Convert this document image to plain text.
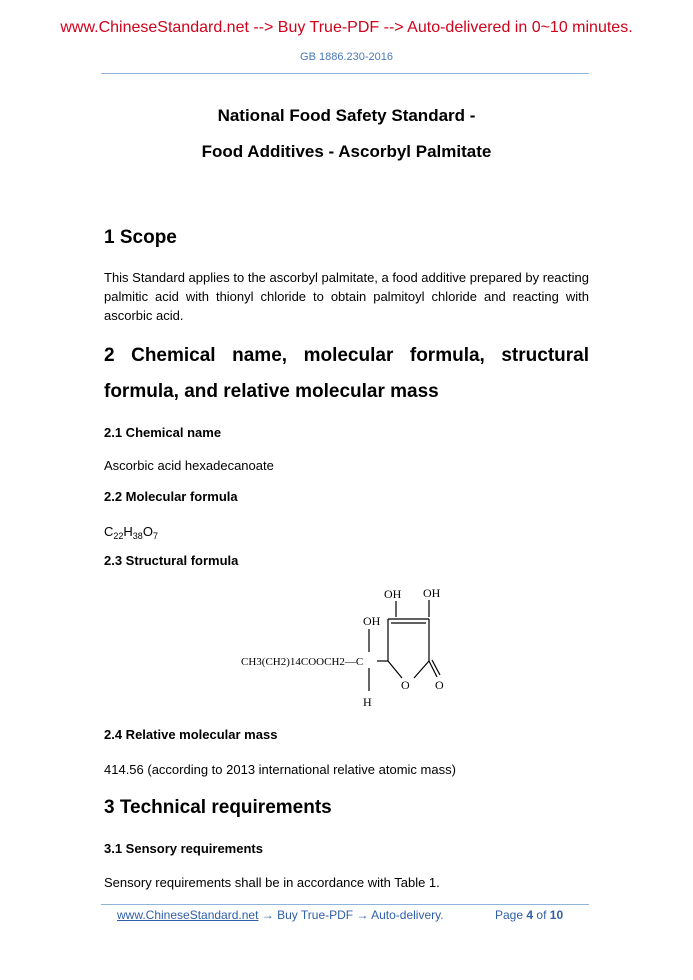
www.ChineseStandard.net --> Buy True-PDF --> Auto-delivered in 0~10 minutes.
GB 1886.230-2016
National Food Safety Standard -
Food Additives - Ascorbyl Palmitate
1 Scope
This Standard applies to the ascorbyl palmitate, a food additive prepared by reacting palmitic acid with thionyl chloride to obtain palmitoyl chloride and reacting with ascorbic acid.
2 Chemical name, molecular formula, structural
formula, and relative molecular mass
2.1 Chemical name
Ascorbic acid hexadecanoate
2.2 Molecular formula
$C_{22}H_{38}O_7$
2.3 Structural formula
OH OH
OH
CH3(CH2)14COOCH2—C
O O
H
2.4 Relative molecular mass
414.56 (according to 2013 international relative atomic mass)
3 Technical requirements
3.1 Sensory requirements
Sensory requirements shall be in accordance with Table 1.
www.ChineseStandard.net → Buy True-PDF → Auto-delivery.	Page 4 of 10
